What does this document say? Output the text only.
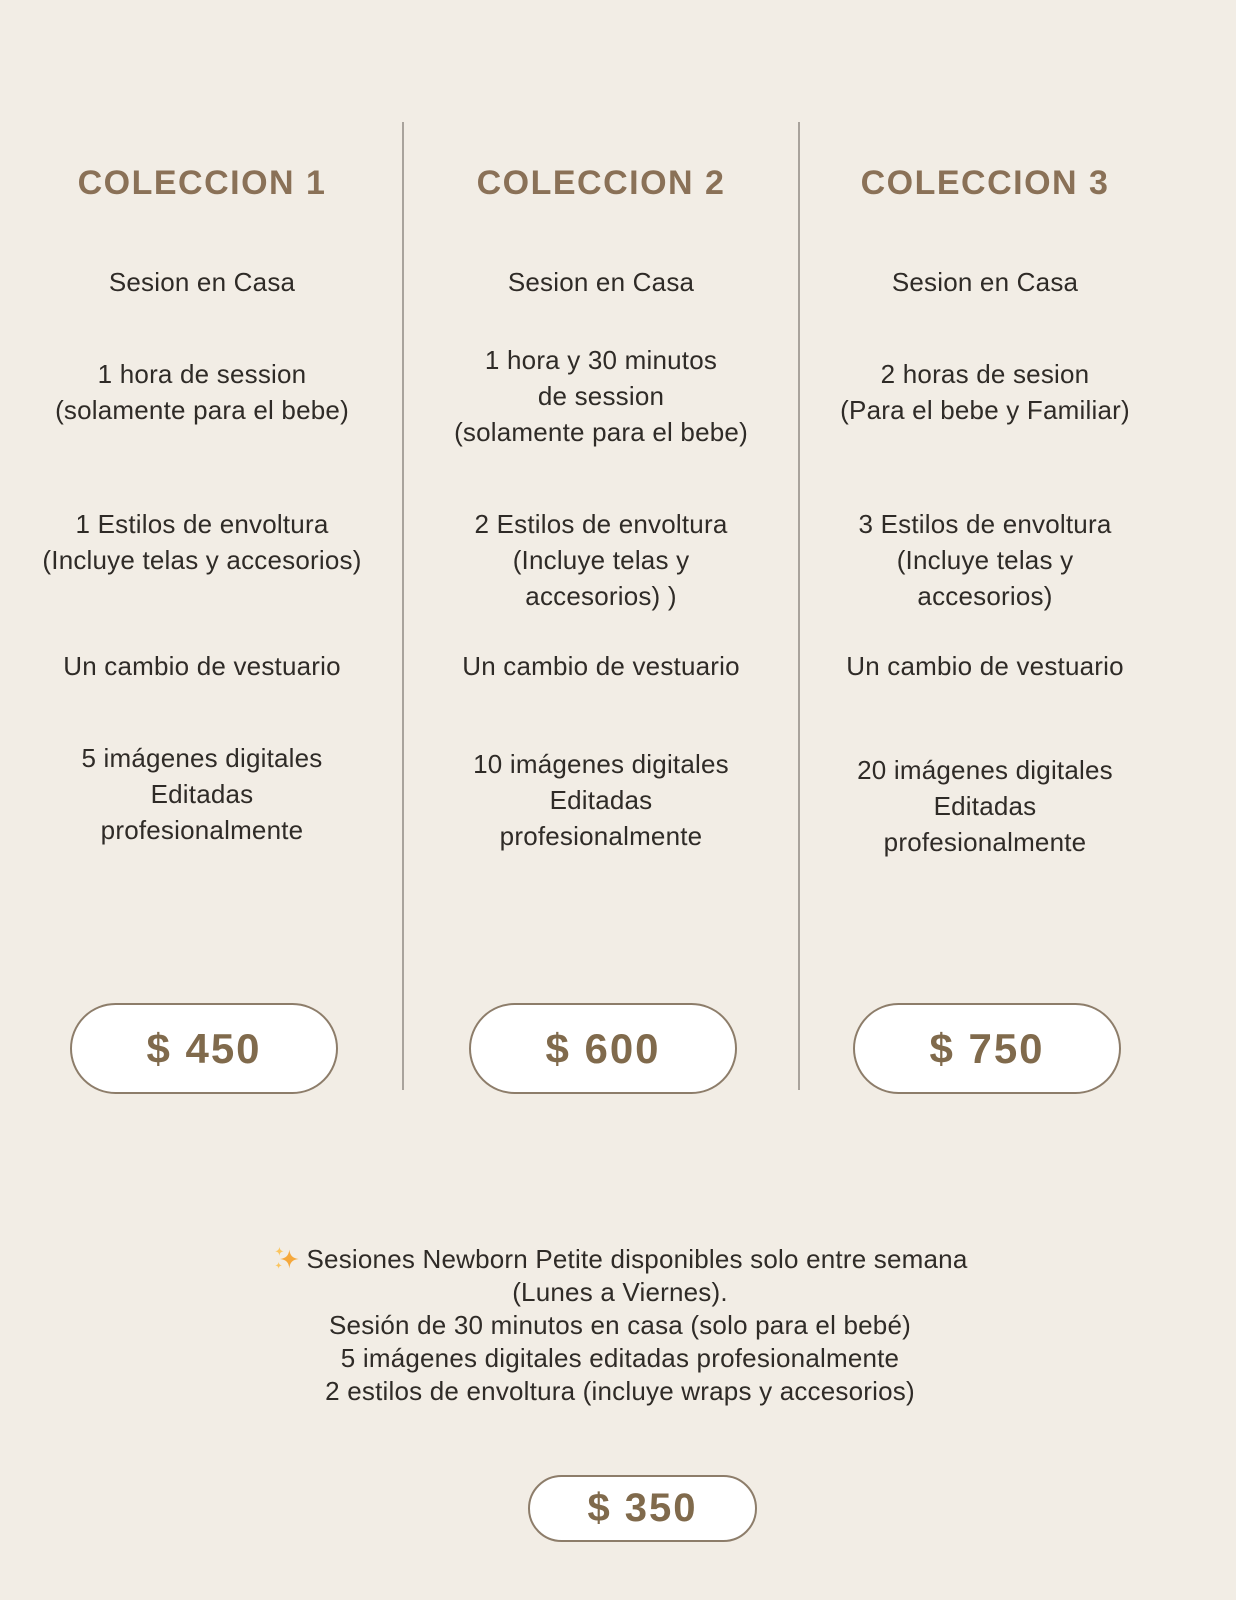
COLECCION 1
Sesion en Casa
1 hora de session
(solamente para el bebe)
1 Estilos de envoltura
(Incluye telas y accesorios)
Un cambio de vestuario
5 imágenes digitales
Editadas
profesionalmente
$ 450
COLECCION 2
Sesion en Casa
1 hora y 30 minutos
de session
(solamente para el bebe)
2 Estilos de envoltura
(Incluye telas y
accesorios) )
Un cambio de vestuario
10 imágenes digitales
Editadas
profesionalmente
$ 600
COLECCION 3
Sesion en Casa
2 horas de sesion
(Para el bebe y Familiar)
3 Estilos de envoltura
(Incluye telas y
accesorios)
Un cambio de vestuario
20 imágenes digitales
Editadas
profesionalmente
$ 750
Sesiones Newborn Petite disponibles solo entre semana
(Lunes a Viernes).
Sesión de 30 minutos en casa (solo para el bebé)
5 imágenes digitales editadas profesionalmente
2 estilos de envoltura (incluye wraps y accesorios)
$ 350
